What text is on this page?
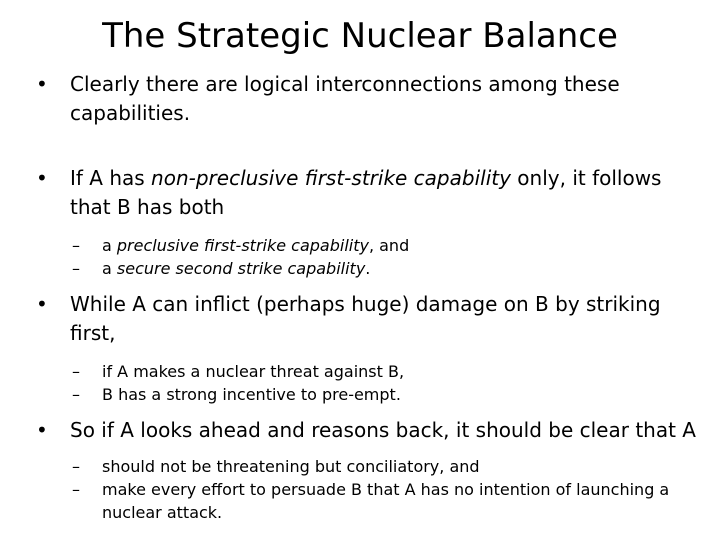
The Strategic Nuclear Balance
•	Clearly there are logical interconnections among these capabilities.
•	If A has non-preclusive first-strike capability only, it follows that B has both
– a preclusive first-strike capability, and
– a secure second strike capability.
•	While A can inflict (perhaps huge) damage on B by striking first,
– if A makes a nuclear threat against B,
– B has a strong incentive to pre-empt.
•	So if A looks ahead and reasons back, it should be clear that A
– should not be threatening but conciliatory, and
– make every effort to persuade B that A has no intention of launching a nuclear attack.
